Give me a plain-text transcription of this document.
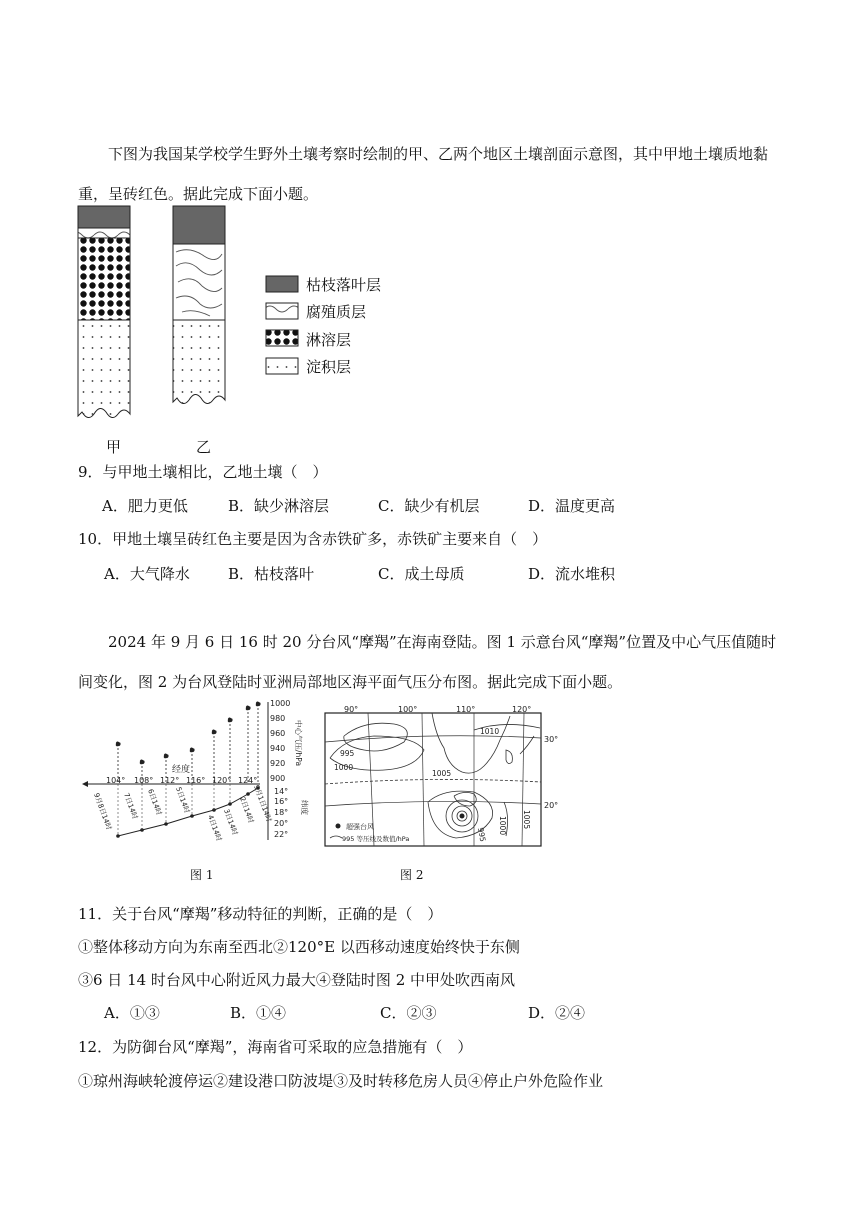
下图为我国某学校学生野外土壤考察时绘制的甲、乙两个地区土壤剖面示意图，其中甲地土壤质地黏重，呈砖红色。据此完成下面小题。

甲	乙
枯枝落叶层
腐殖质层
淋溶层
淀积层
9．与甲地土壤相比，乙地土壤（　）
A．肥力更低	B．缺少淋溶层	C．缺少有机层	D．温度更高
10．甲地土壤呈砖红色主要是因为含赤铁矿多，赤铁矿主要来自（　）
A．大气降水	B．枯枝落叶	C．成土母质	D．流水堆积

2024 年 9 月 6 日 16 时 20 分台风“摩羯”在海南登陆。图 1 示意台风“摩羯”位置及中心气压值随时间变化，图 2 为台风登陆时亚洲局部地区海平面气压分布图。据此完成下面小题。

104° 108° 112° 116° 120° 124°
经度
1000
980
960
940
920
900
中心气压/hPa
14°
16°
18°
20°
22°
纬度
9月8日14时 7日14时 6日14时 5日14时
4日14时 3日14时 2日14时
9月1日14时
图 1
90°	100°	110°	120°
30°
20°
1010
995
1000
1005
995 1000 1005
超强台风
995 等压线及数值/hPa
图 2
11．关于台风“摩羯”移动特征的判断，正确的是（　）
①整体移动方向为东南至西北②120°E 以西移动速度始终快于东侧
③6 日 14 时台风中心附近风力最大④登陆时图 2 中甲处吹西南风
A．①③	B．①④	C．②③	D．②④
12．为防御台风“摩羯”，海南省可采取的应急措施有（　）
①琼州海峡轮渡停运②建设港口防波堤③及时转移危房人员④停止户外危险作业
